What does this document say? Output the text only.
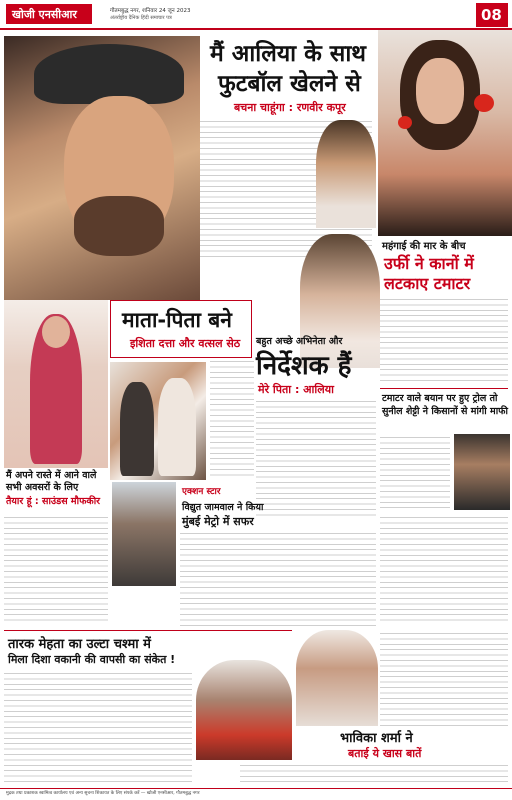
खोजी एनसीआर	गौतमबुद्ध नगर, शनिवार 24 जून 2023
अंतर्राष्ट्रीय दैनिक हिंदी समाचार पत्र	08
मैं आलिया के साथ
फुटबॉल खेलने से
बचना चाहूंगा : रणवीर कपूर
महंगाई की मार के बीच
उर्फी ने कानों में
लटकाए टमाटर
टमाटर वाले बयान पर हुए ट्रोल तो सुनील शेट्टी ने किसानों से मांगी माफी
बहुत अच्छे अभिनेता और
निर्देशक हैं
मेरे पिता : आलिया
माता-पिता बने
इशिता दत्ता और वत्सल सेठ
मैं अपने रास्ते में आने वाले सभी अवसरों के लिए
तैयार हूं : साउंडस मौफकीर
एक्शन स्टार
विद्युत जामवाल ने किया
मुंबई मेट्रो में सफर
भाविका शर्मा ने
बताई ये खास बातें
तारक मेहता का उल्टा चश्मा में
मिला दिशा वकानी की वापसी का संकेत !
मुद्रक तथा प्रकाशक स्वामित्व कार्यालय एवं अन्य सूचना शिकायत के लिए संपर्क करें — खोजी एनसीआर, गौतमबुद्ध नगर
